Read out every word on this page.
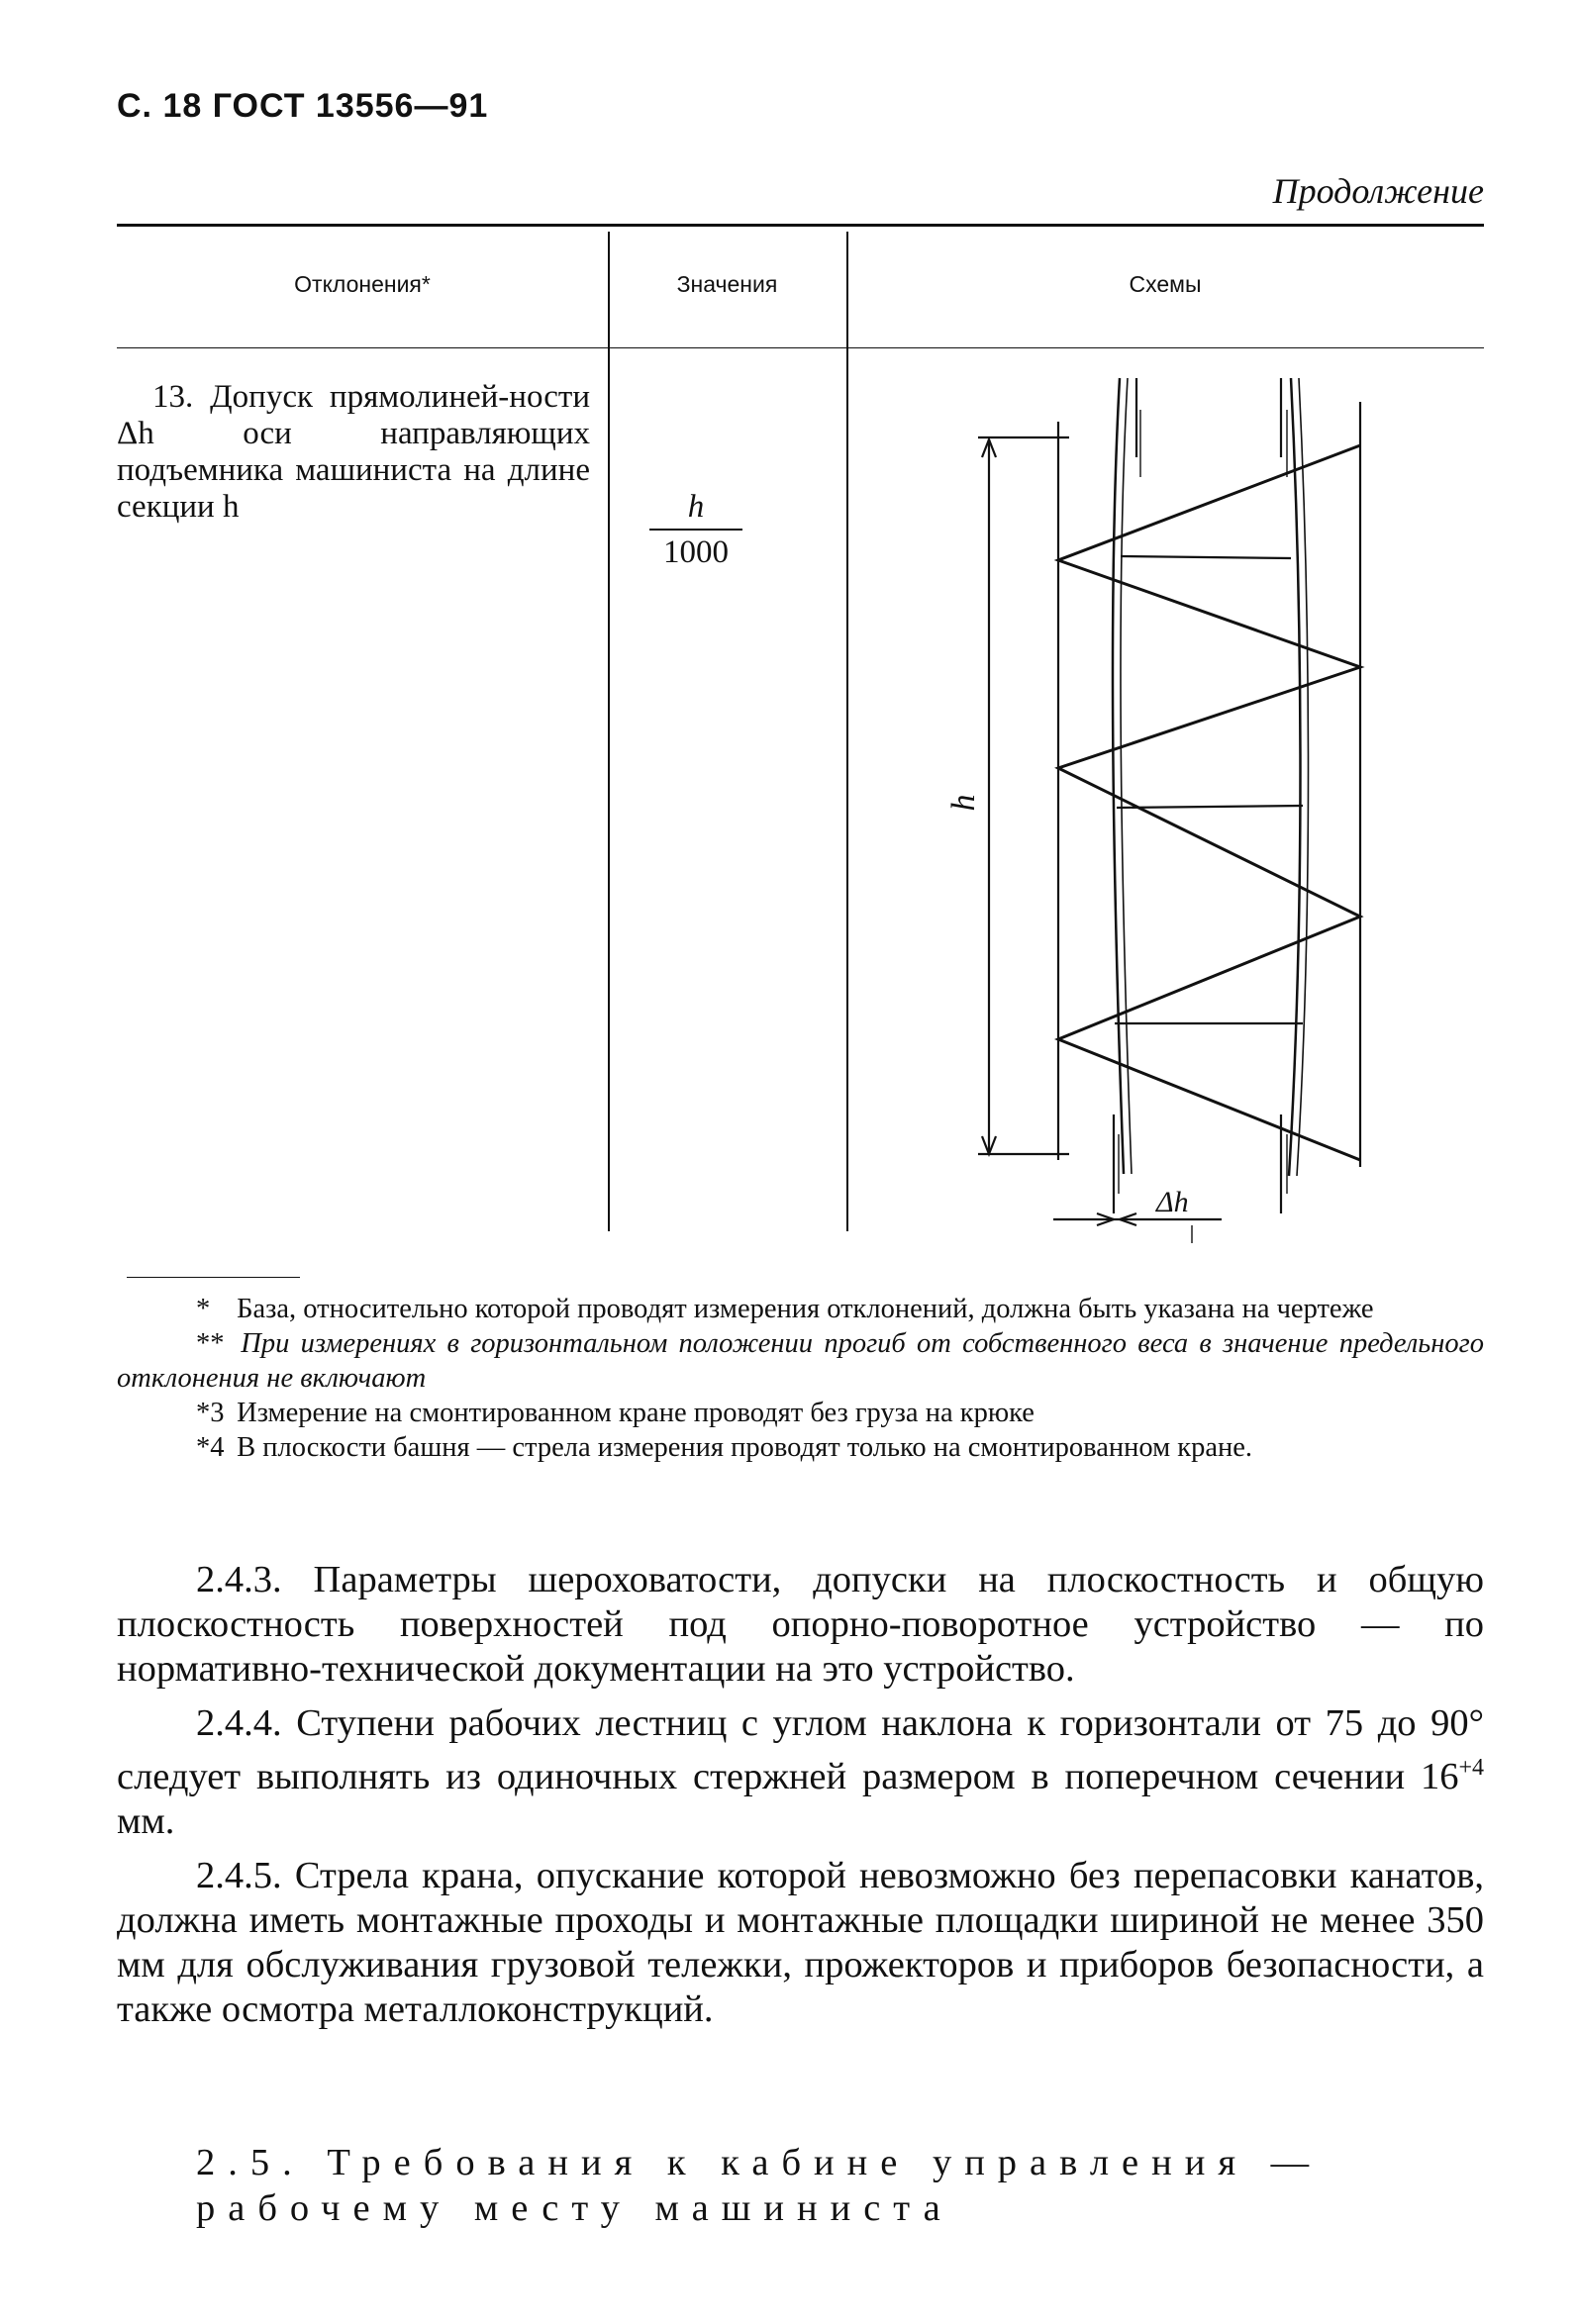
С. 18 ГОСТ 13556—91
Продолжение
Отклонения*	Значения	Схемы
13. Допуск прямолиней-ности Δh оси направляющих подъемника машиниста на длине секции h	h
1000
h
Δh
* База, относительно которой проводят измерения отклонений, должна быть указана на чертеже
** При измерениях в горизонтальном положении прогиб от собственного веса в значение предельного отклонения не включают
*3 Измерение на смонтированном кране проводят без груза на крюке
*4 В плоскости башня — стрела измерения проводят только на смонтированном кране.
2.4.3. Параметры шероховатости, допуски на плоскостность и общую плоскостность поверхностей под опорно-поворотное устройство — по нормативно-технической документации на это устройство.
2.4.4. Ступени рабочих лестниц с углом наклона к горизонтали от 75 до 90° следует выполнять из одиночных стержней размером в поперечном сечении $16^{+4}$ мм.
2.4.5. Стрела крана, опускание которой невозможно без перепасовки канатов, должна иметь монтажные проходы и монтажные площадки шириной не менее 350 мм для обслуживания грузовой тележки, прожекторов и приборов безопасности, а также осмотра металлоконструкций.
2.5. Требования к кабине управления — рабочему месту машиниста
